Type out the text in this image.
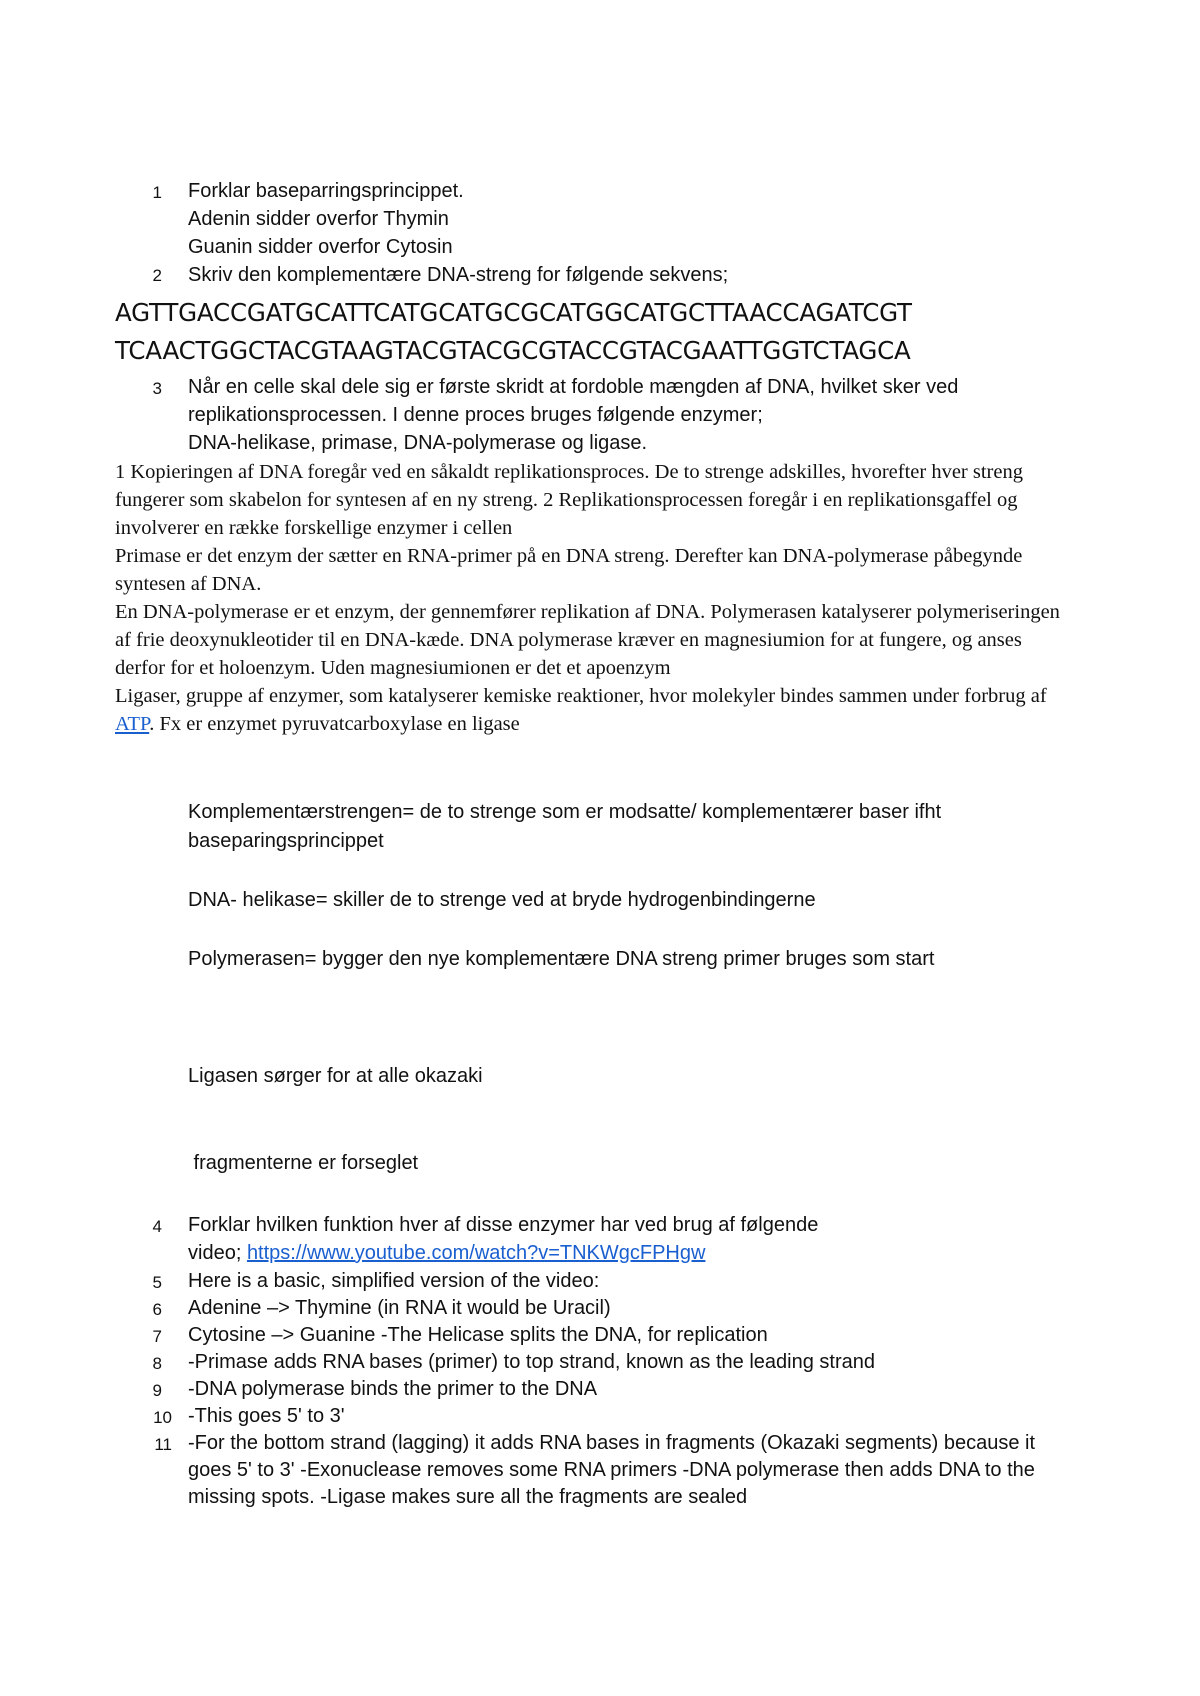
1 Forklar baseparringsprincippet.
Adenin sidder overfor Thymin
Guanin sidder overfor Cytosin
2 Skriv den komplementære DNA-streng for følgende sekvens;
AGTTGACCGATGCATTCATGCATGCGCATGGCATGCTTAACCAGATCGT
TCAACTGGCTACGTAAGTACGTACGCGTACCGTACGAATTGGTCTAGCA
3 Når en celle skal dele sig er første skridt at fordoble mængden af DNA, hvilket sker ved
replikationsprocessen. I denne proces bruges følgende enzymer;
DNA-helikase, primase, DNA-polymerase og ligase.

1 Kopieringen af DNA foregår ved en såkaldt replikationsproces. De to strenge adskilles, hvorefter hver streng fungerer som skabelon for syntesen af en ny streng. 2 Replikationsprocessen foregår i en replikationsgaffel og involverer en række forskellige enzymer i cellen

Primase er det enzym der sætter en RNA-primer på en DNA streng. Derefter kan DNA-polymerase påbegynde syntesen af DNA.

En DNA-polymerase er et enzym, der gennemfører replikation af DNA. Polymerasen katalyserer polymeriseringen af frie deoxynukleotider til en DNA-kæde. DNA polymerase kræver en magnesiumion for at fungere, og anses derfor for et holoenzym. Uden magnesiumionen er det et apoenzym

Ligaser, gruppe af enzymer, som katalyserer kemiske reaktioner, hvor molekyler bindes sammen under forbrug af ATP. Fx er enzymet pyruvatcarboxylase en ligase

Komplementærstrengen= de to strenge som er modsatte/ komplementærer baser ifht baseparingsprincippet

DNA- helikase= skiller de to strenge ved at bryde hydrogenbindingerne

Polymerasen= bygger den nye komplementære DNA streng primer bruges som start

Ligasen sørger for at alle okazaki

fragmenterne er forseglet

4 Forklar hvilken funktion hver af disse enzymer har ved brug af følgende
video; https://www.youtube.com/watch?v=TNKWgcFPHgw
5 Here is a basic, simplified version of the video:
6 Adenine –> Thymine (in RNA it would be Uracil)
7 Cytosine –> Guanine -The Helicase splits the DNA, for replication
8 -Primase adds RNA bases (primer) to top strand, known as the leading strand
9 -DNA polymerase binds the primer to the DNA
10 -This goes 5' to 3'
11 -For the bottom strand (lagging) it adds RNA bases in fragments (Okazaki segments) because it
goes 5' to 3' -Exonuclease removes some RNA primers -DNA polymerase then adds DNA to the
missing spots. -Ligase makes sure all the fragments are sealed
